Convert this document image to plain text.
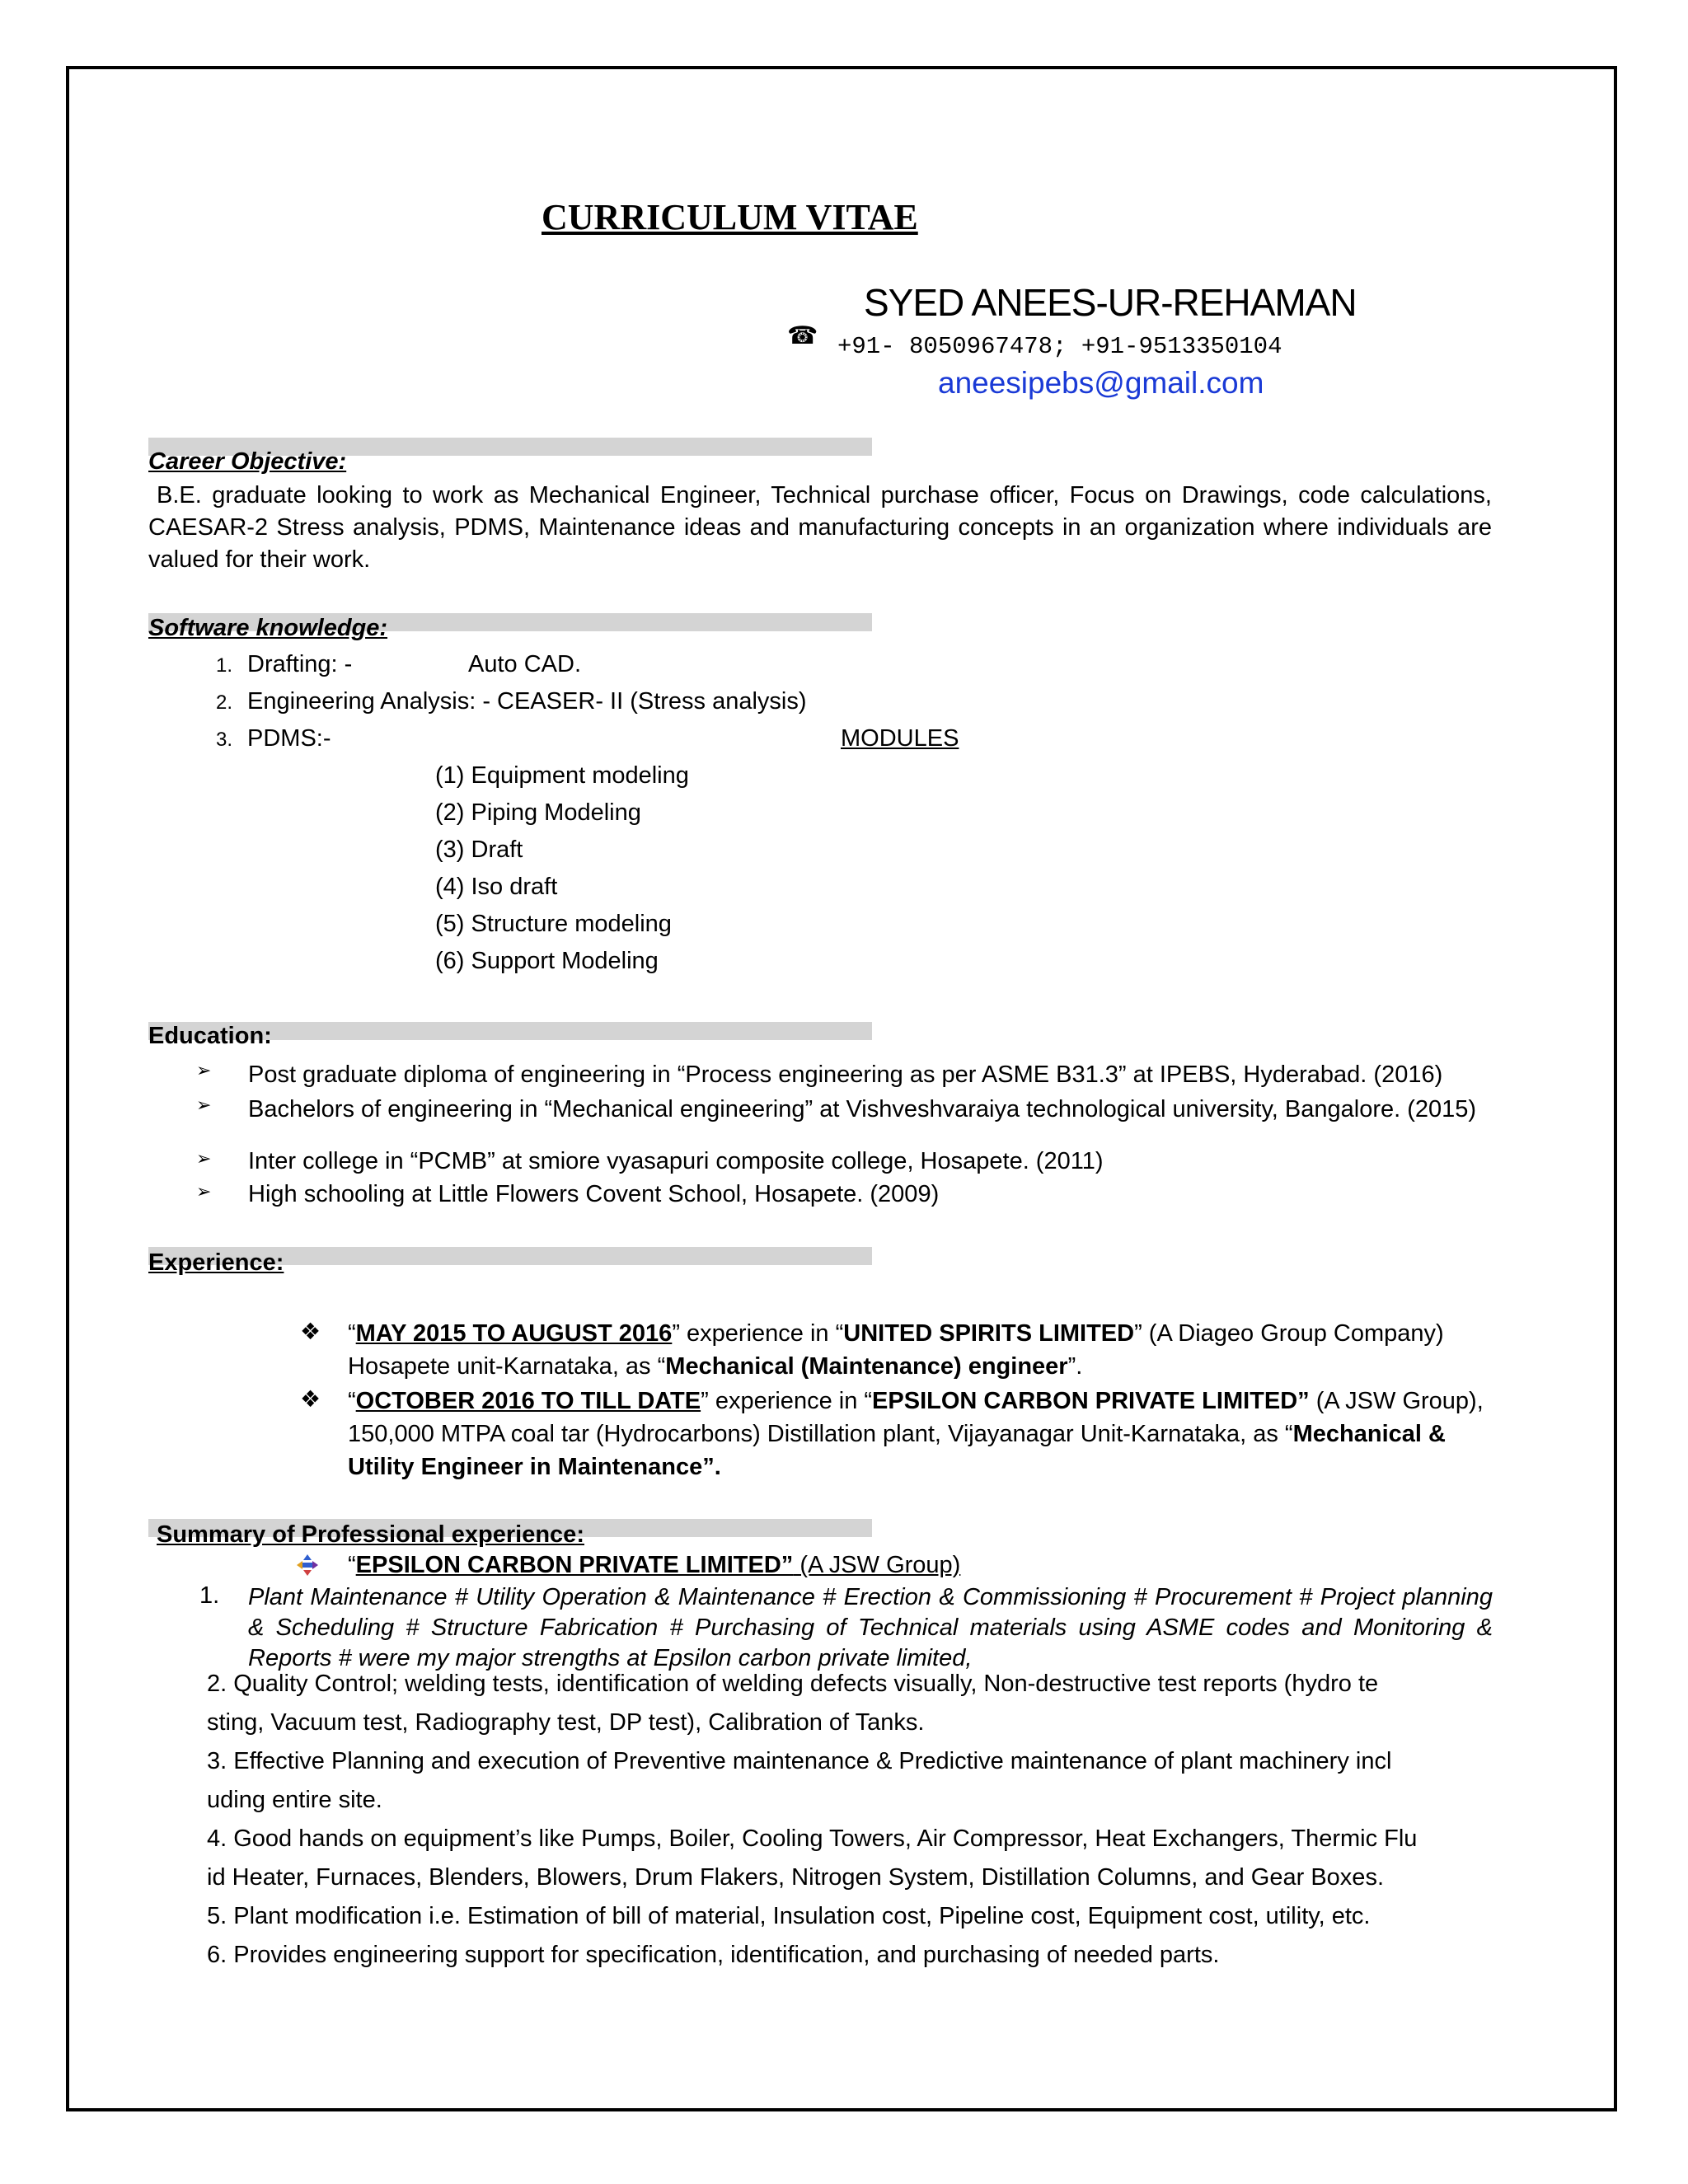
CURRICULUM VITAE
SYED ANEES-UR-REHAMAN
☎ +91- 8050967478; +91-9513350104
aneesipebs@gmail.com
Career Objective:
B.E. graduate looking to work as Mechanical Engineer, Technical purchase officer, Focus on Drawings, code calculations, CAESAR-2 Stress analysis, PDMS, Maintenance ideas and manufacturing concepts in an organization where individuals are valued for their work.
Software knowledge:
1. Drafting: -	Auto CAD.
2. Engineering Analysis: - CEASER- II (Stress analysis)
3. PDMS:-	MODULES
(1) Equipment modeling
(2) Piping Modeling
(3) Draft
(4) Iso draft
(5) Structure modeling
(6) Support Modeling
Education:
➢ Post graduate diploma of engineering in “Process engineering as per ASME B31.3” at IPEBS, Hyderabad. (2016)
➢ Bachelors of engineering in “Mechanical engineering” at Vishveshvaraiya technological university, Bangalore. (2015)
➢ Inter college in “PCMB” at smiore vyasapuri composite college, Hosapete. (2011)
➢ High schooling at Little Flowers Covent School, Hosapete. (2009)
Experience:
❖ “MAY 2015 TO AUGUST 2016” experience in “UNITED SPIRITS LIMITED” (A Diageo Group Company) Hosapete unit-Karnataka, as “Mechanical (Maintenance) engineer”.
❖ “OCTOBER 2016 TO TILL DATE” experience in “EPSILON CARBON PRIVATE LIMITED” (A JSW Group), 150,000 MTPA coal tar (Hydrocarbons) Distillation plant, Vijayanagar Unit-Karnataka, as “Mechanical & Utility Engineer in Maintenance”.
Summary of Professional experience:
“EPSILON CARBON PRIVATE LIMITED” (A JSW Group)
1. Plant Maintenance # Utility Operation & Maintenance # Erection & Commissioning # Procurement # Project planning & Scheduling # Structure Fabrication # Purchasing of Technical materials using ASME codes and Monitoring & Reports # were my major strengths at Epsilon carbon private limited,
2. Quality Control; welding tests, identification of welding defects visually, Non-destructive test reports (hydro te
sting, Vacuum test, Radiography test, DP test), Calibration of Tanks.
3. Effective Planning and execution of Preventive maintenance & Predictive maintenance of plant machinery incl
uding entire site.
4. Good hands on equipment’s like Pumps, Boiler, Cooling Towers, Air Compressor, Heat Exchangers, Thermic Flu
id Heater, Furnaces, Blenders, Blowers, Drum Flakers, Nitrogen System, Distillation Columns, and Gear Boxes.
5. Plant modification i.e. Estimation of bill of material, Insulation cost, Pipeline cost, Equipment cost, utility, etc.
6. Provides engineering support for specification, identification, and purchasing of needed parts.
